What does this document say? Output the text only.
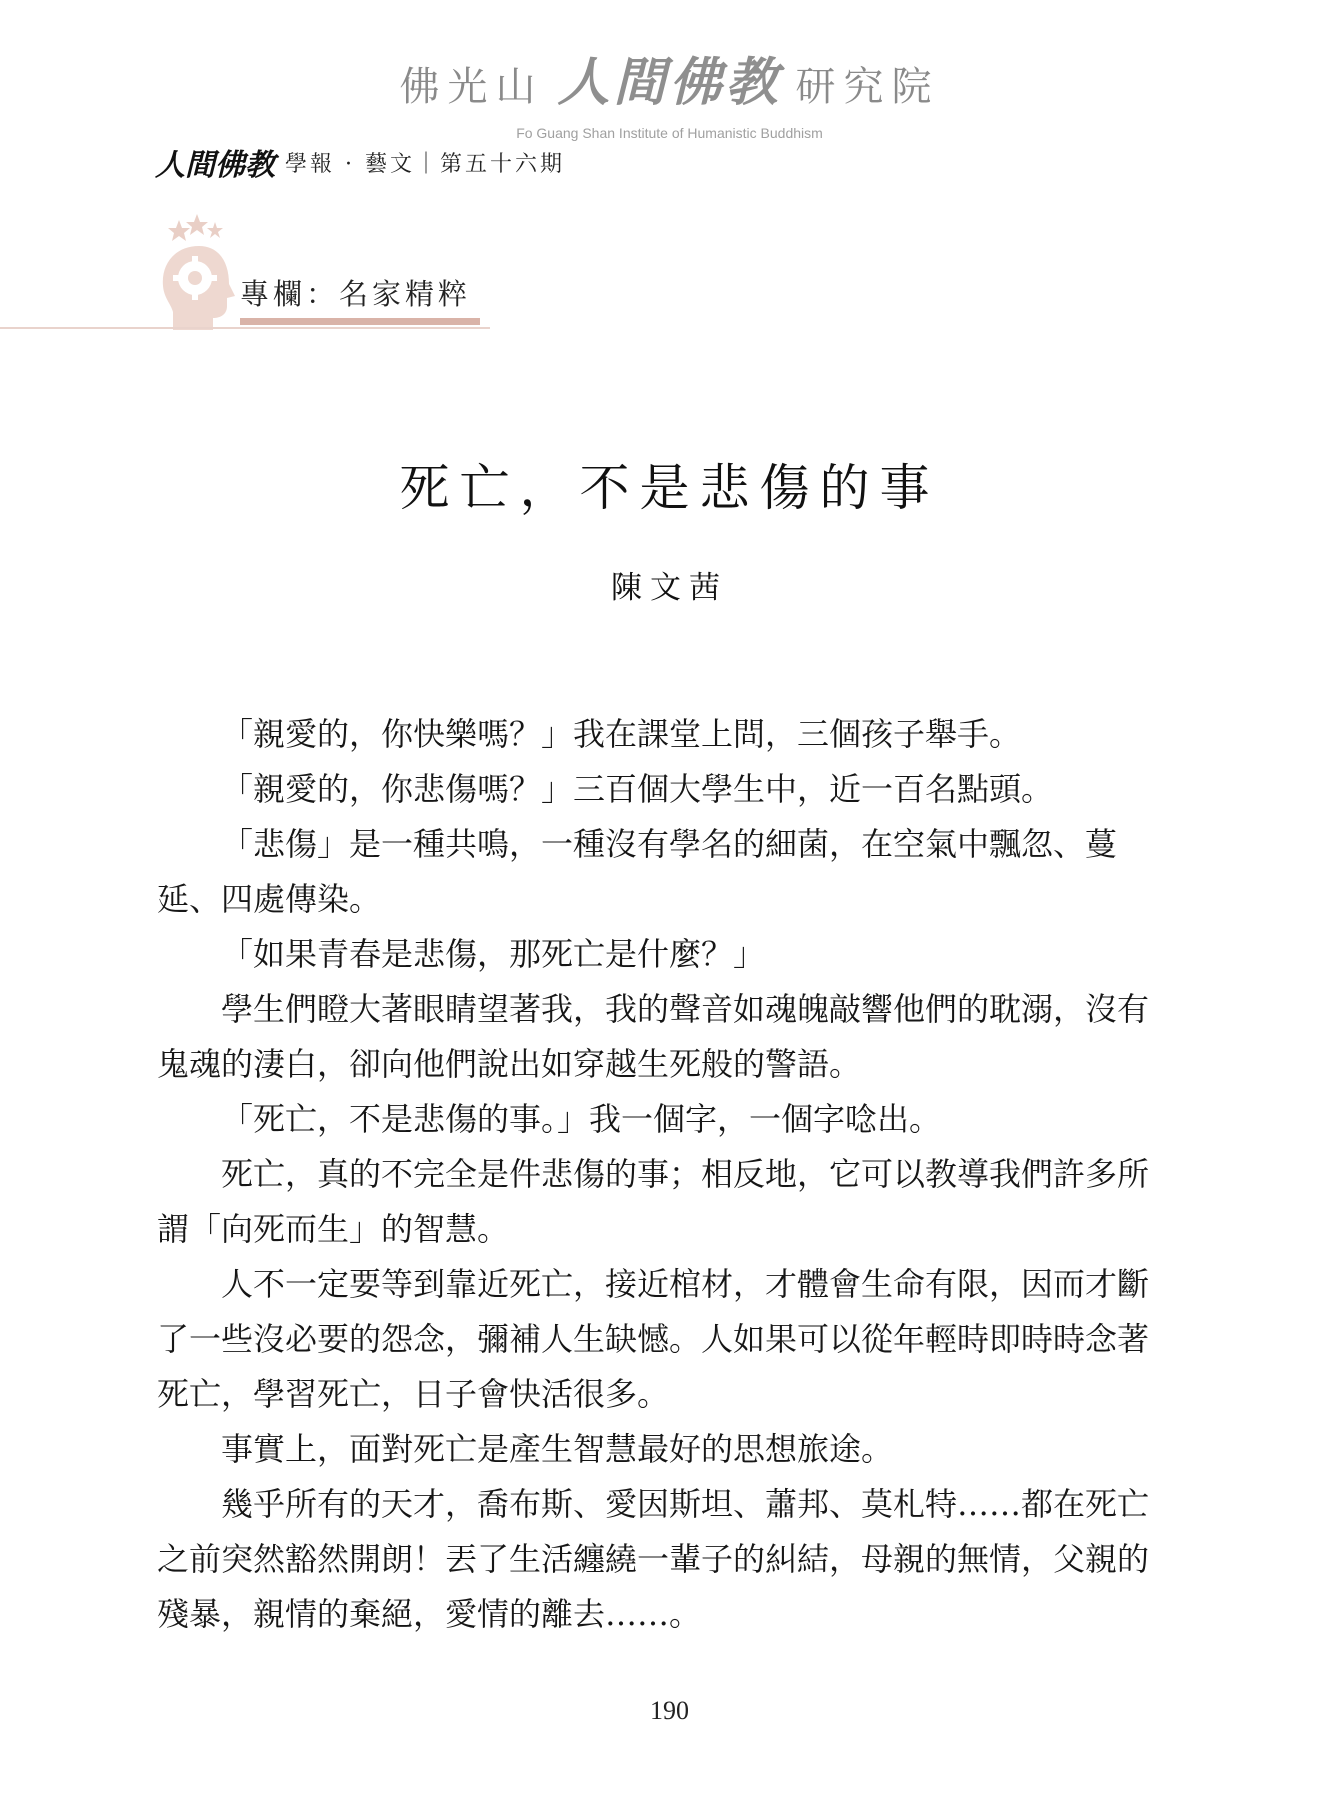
佛光山 人間佛教 研究院
Fo Guang Shan Institute of Humanistic Buddhism
人間佛教 學報 · 藝文｜第五十六期
專欄：名家精粹
死亡，不是悲傷的事
陳文茜

「親愛的，你快樂嗎？」我在課堂上問，三個孩子舉手。

「親愛的，你悲傷嗎？」三百個大學生中，近一百名點頭。

「悲傷」是一種共鳴，一種沒有學名的細菌，在空氣中飄忽、蔓延、四處傳染。

「如果青春是悲傷，那死亡是什麼？」

學生們瞪大著眼睛望著我，我的聲音如魂魄敲響他們的耽溺，沒有鬼魂的淒白，卻向他們說出如穿越生死般的警語。

「死亡，不是悲傷的事。」我一個字，一個字唸出。

死亡，真的不完全是件悲傷的事；相反地，它可以教導我們許多所謂「向死而生」的智慧。

人不一定要等到靠近死亡，接近棺材，才體會生命有限，因而才斷了一些沒必要的怨念，彌補人生缺憾。人如果可以從年輕時即時時念著死亡，學習死亡，日子會快活很多。

事實上，面對死亡是產生智慧最好的思想旅途。

幾乎所有的天才，喬布斯、愛因斯坦、蕭邦、莫札特……都在死亡之前突然豁然開朗！丟了生活纏繞一輩子的糾結，母親的無情，父親的殘暴，親情的棄絕，愛情的離去……。

190
